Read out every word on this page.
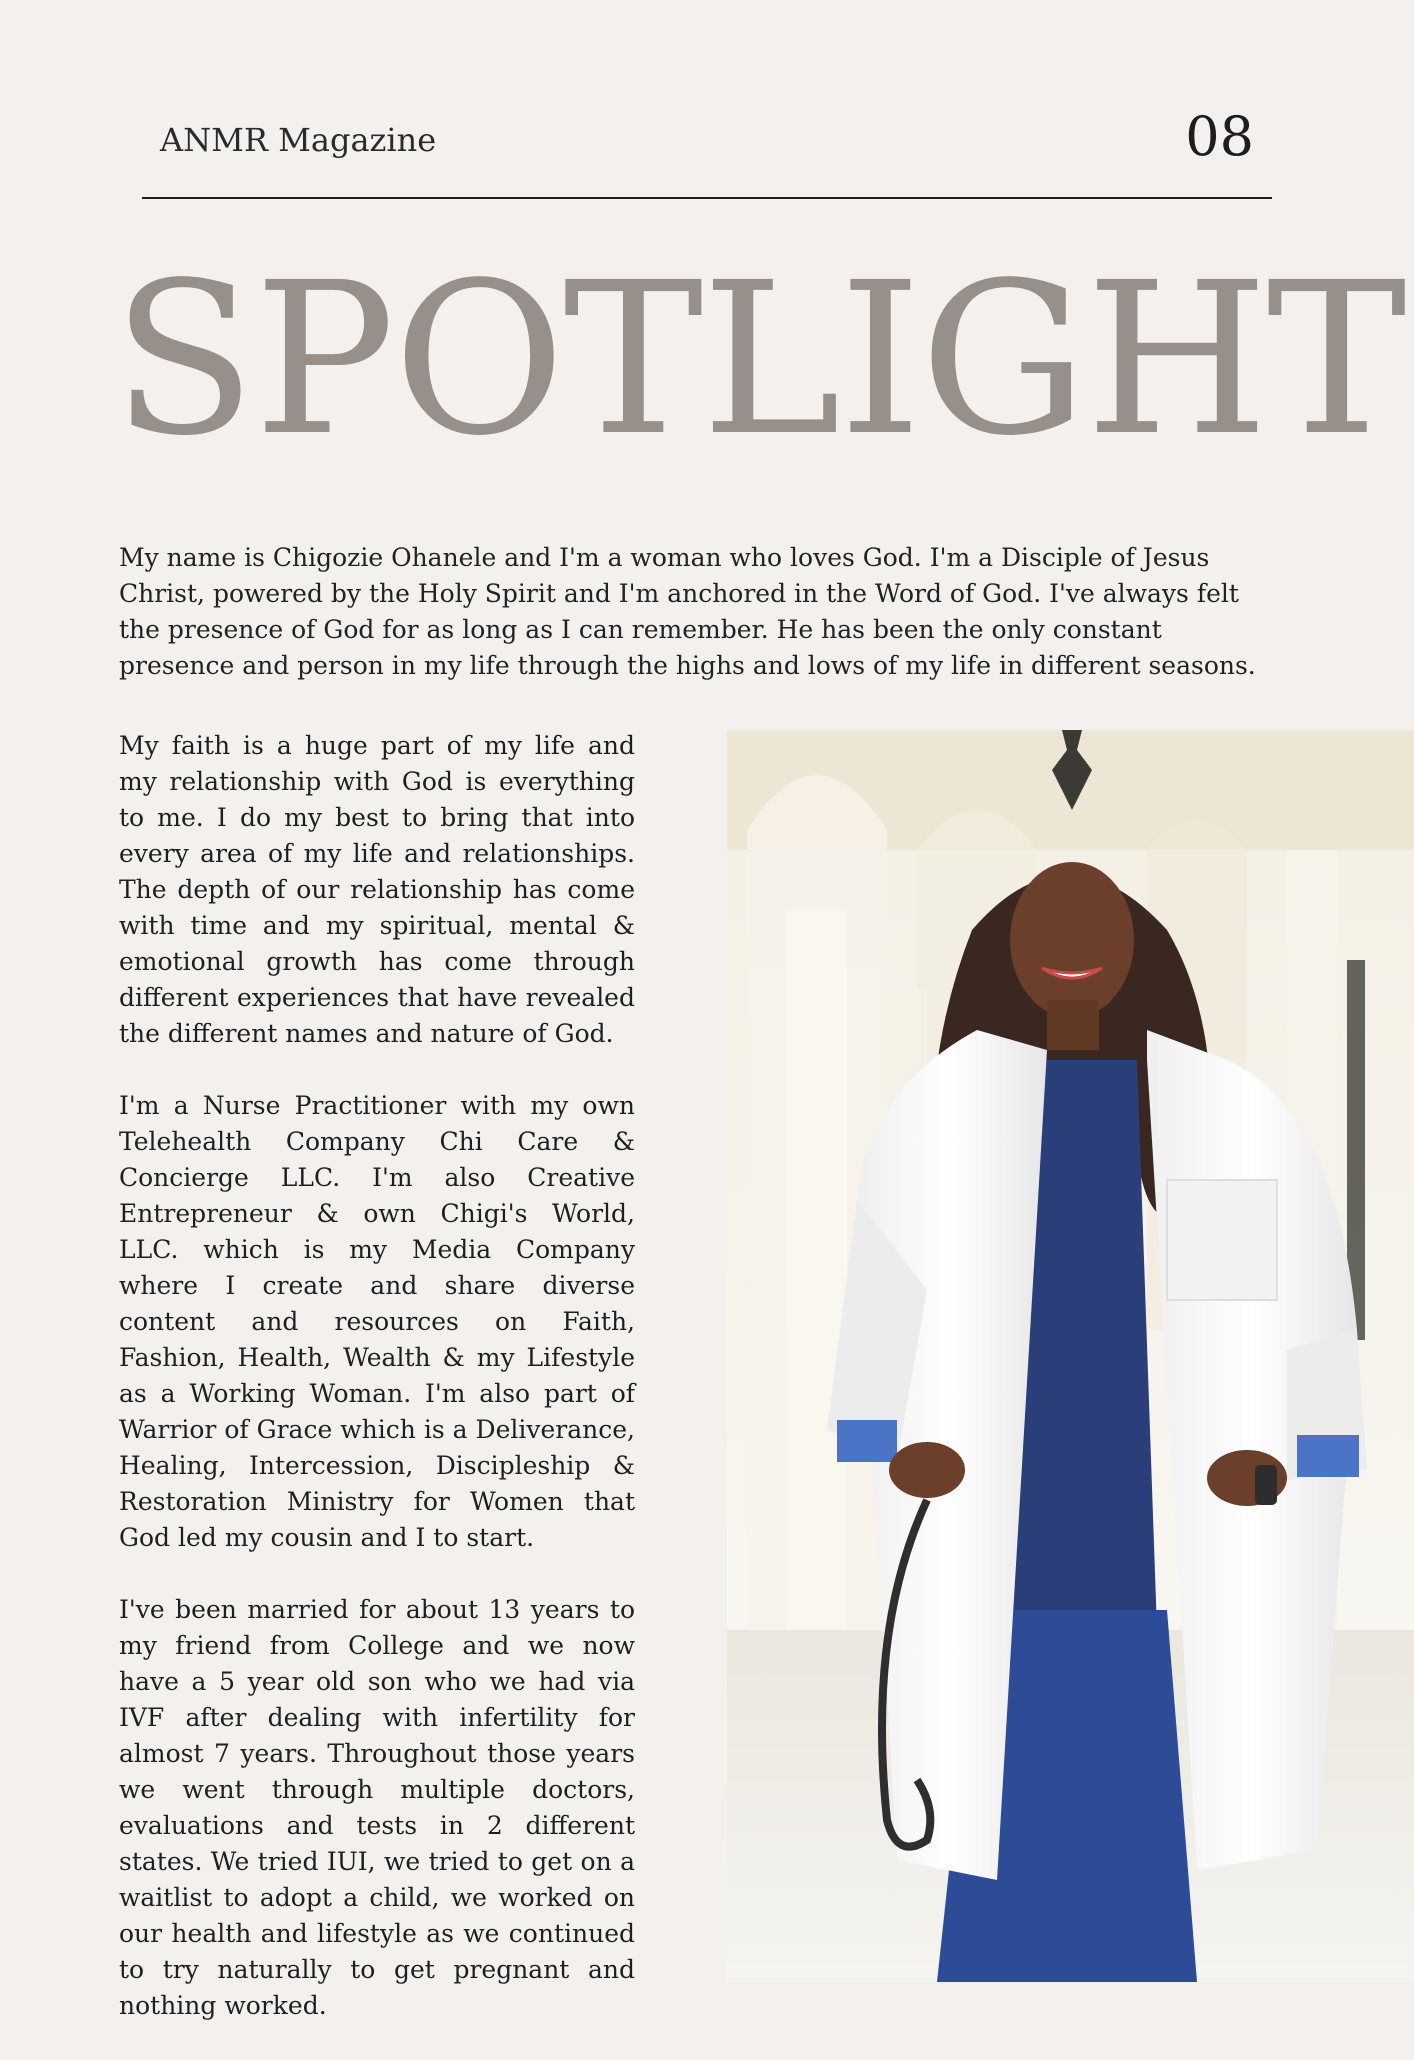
ANMR Magazine	08
SPOTLIGHT
My name is Chigozie Ohanele and I'm a woman who loves God. I'm a Disciple of Jesus Christ, powered by the Holy Spirit and I'm anchored in the Word of God. I've always felt the presence of God for as long as I can remember. He has been the only constant presence and person in my life through the highs and lows of my life in different seasons.

My faith is a huge part of my life and my relationship with God is everything to me. I do my best to bring that into every area of my life and relationships. The depth of our relationship has come with time and my spiritual, mental & emotional growth has come through different experiences that have revealed the different names and nature of God.

I'm a Nurse Practitioner with my own Telehealth Company Chi Care & Concierge LLC. I'm also Creative Entrepreneur & own Chigi's World, LLC. which is my Media Company where I create and share diverse content and resources on Faith, Fashion, Health, Wealth & my Lifestyle as a Working Woman. I'm also part of Warrior of Grace which is a Deliverance, Healing, Intercession, Discipleship & Restoration Ministry for Women that God led my cousin and I to start.

I've been married for about 13 years to my friend from College and we now have a 5 year old son who we had via IVF after dealing with infertility for almost 7 years. Throughout those years we went through multiple doctors, evaluations and tests in 2 different states. We tried IUI, we tried to get on a waitlist to adopt a child, we worked on our health and lifestyle as we continued to try naturally to get pregnant and nothing worked.
